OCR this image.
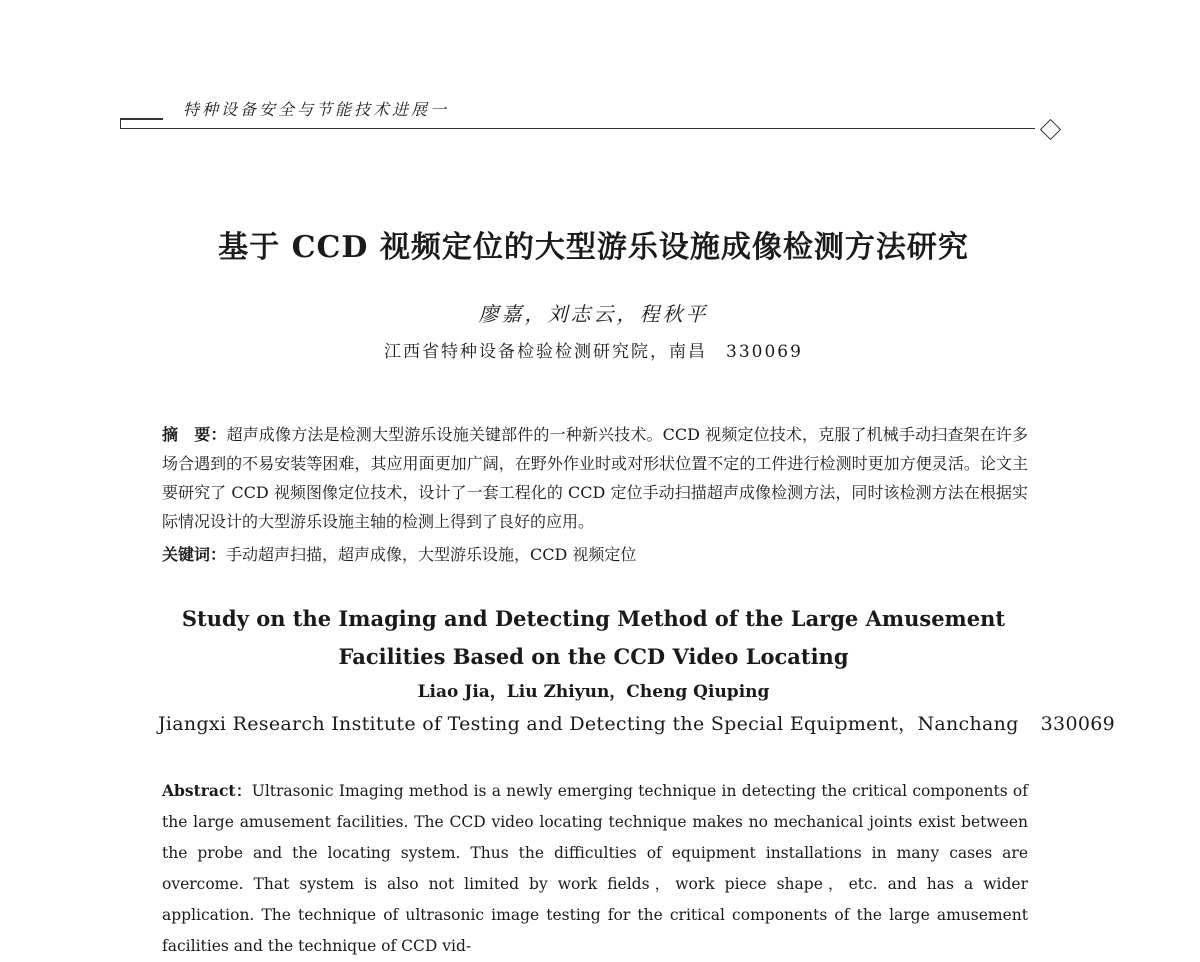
特种设备安全与节能技术进展一
基于 CCD 视频定位的大型游乐设施成像检测方法研究
廖嘉，刘志云，程秋平
江西省特种设备检验检测研究院，南昌　330069
摘　要：超声成像方法是检测大型游乐设施关键部件的一种新兴技术。CCD 视频定位技术，克服了机械手动扫查架在许多场合遇到的不易安装等困难，其应用面更加广阔，在野外作业时或对形状位置不定的工件进行检测时更加方便灵活。论文主要研究了 CCD 视频图像定位技术，设计了一套工程化的 CCD 定位手动扫描超声成像检测方法，同时该检测方法在根据实际情况设计的大型游乐设施主轴的检测上得到了良好的应用。
关键词：手动超声扫描，超声成像，大型游乐设施，CCD 视频定位
Study on the Imaging and Detecting Method of the Large Amusement Facilities Based on the CCD Video Locating
Liao Jia，Liu Zhiyun，Cheng Qiuping
Jiangxi Research Institute of Testing and Detecting the Special Equipment，Nanchang 330069
Abstract：Ultrasonic Imaging method is a newly emerging technique in detecting the critical components of the large amusement facilities. The CCD video locating technique makes no mechanical joints exist between the probe and the locating system. Thus the difficulties of equipment installations in many cases are overcome. That system is also not limited by work fields，work piece shape，etc. and has a wider application. The technique of ultrasonic image testing for the critical components of the large amusement facilities and the technique of CCD vid-
